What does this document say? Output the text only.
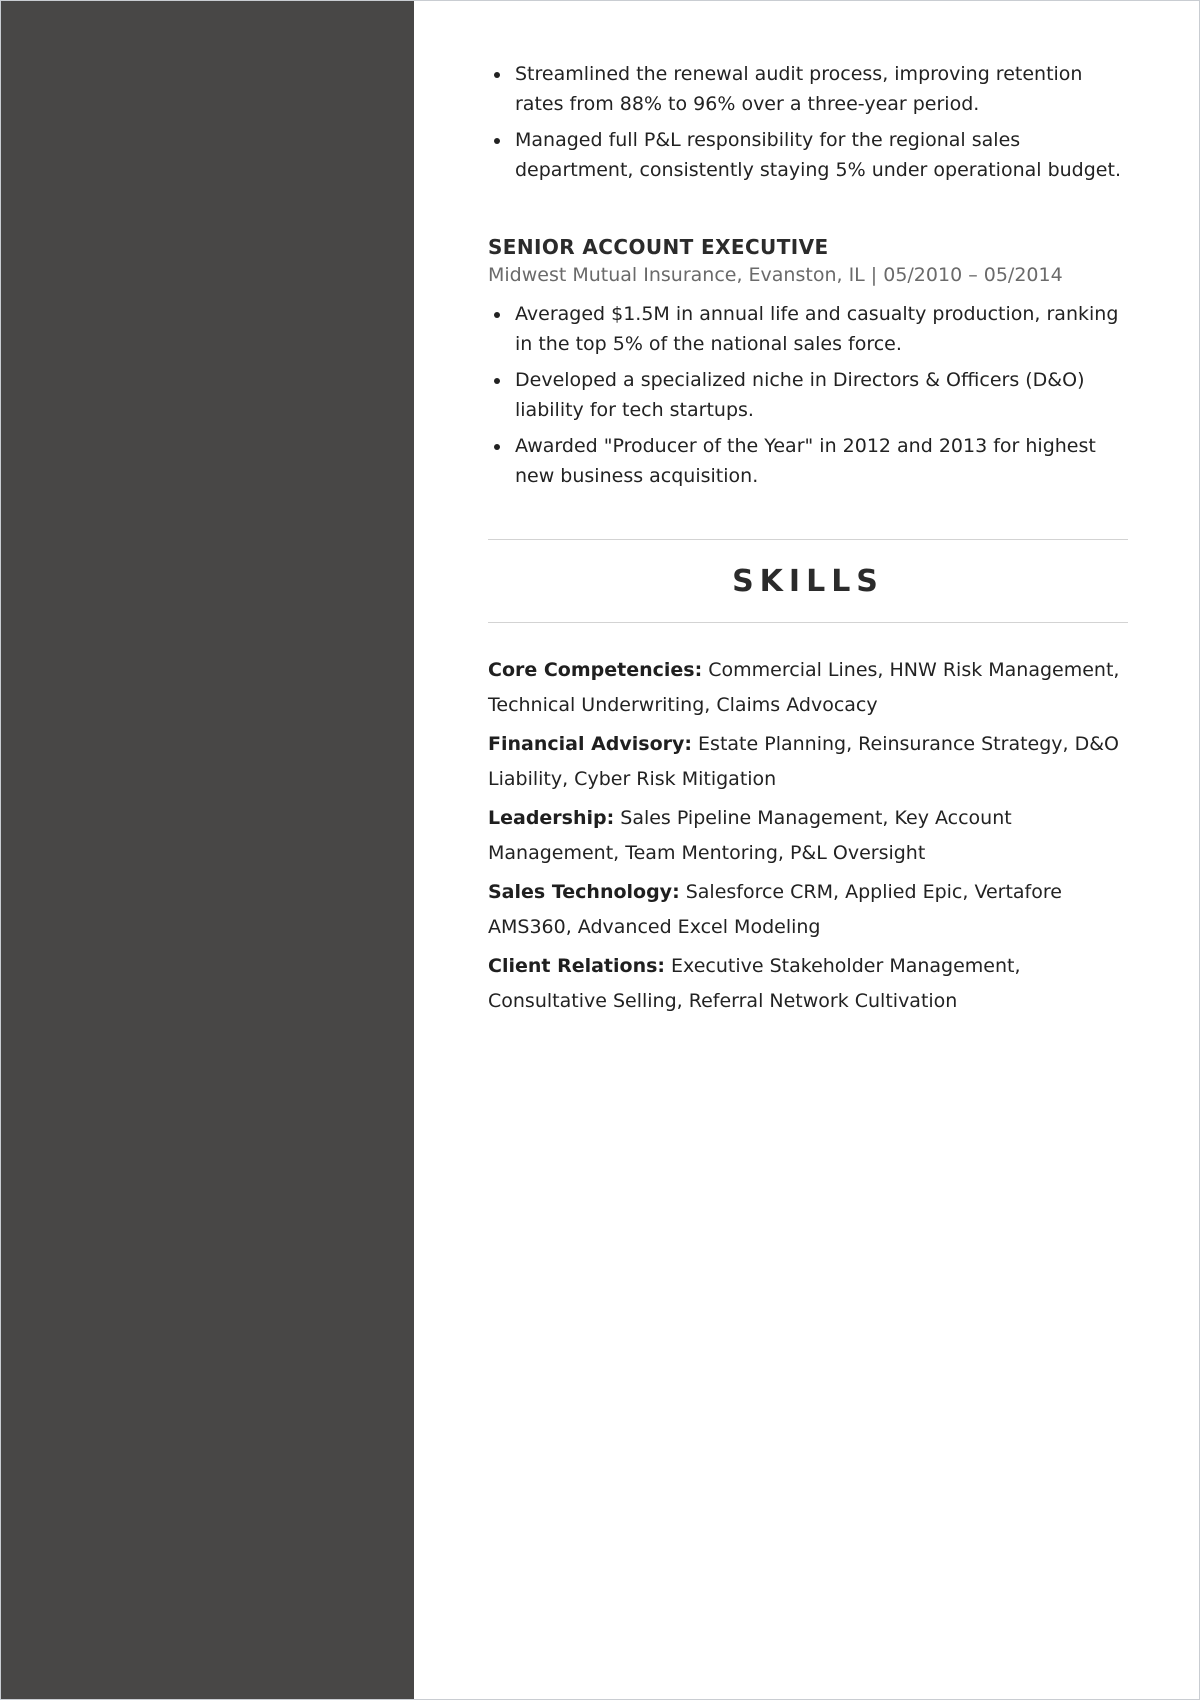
Streamlined the renewal audit process, improving retention rates from 88% to 96% over a three-year period.
Managed full P&L responsibility for the regional sales department, consistently staying 5% under operational budget.
SENIOR ACCOUNT EXECUTIVE
Midwest Mutual Insurance, Evanston, IL | 05/2010 – 05/2014
Averaged $1.5M in annual life and casualty production, ranking in the top 5% of the national sales force.
Developed a specialized niche in Directors & Officers (D&O) liability for tech startups.
Awarded "Producer of the Year" in 2012 and 2013 for highest new business acquisition.
SKILLS
Core Competencies: Commercial Lines, HNW Risk Management, Technical Underwriting, Claims Advocacy
Financial Advisory: Estate Planning, Reinsurance Strategy, D&O Liability, Cyber Risk Mitigation
Leadership: Sales Pipeline Management, Key Account Management, Team Mentoring, P&L Oversight
Sales Technology: Salesforce CRM, Applied Epic, Vertafore AMS360, Advanced Excel Modeling
Client Relations: Executive Stakeholder Management, Consultative Selling, Referral Network Cultivation
